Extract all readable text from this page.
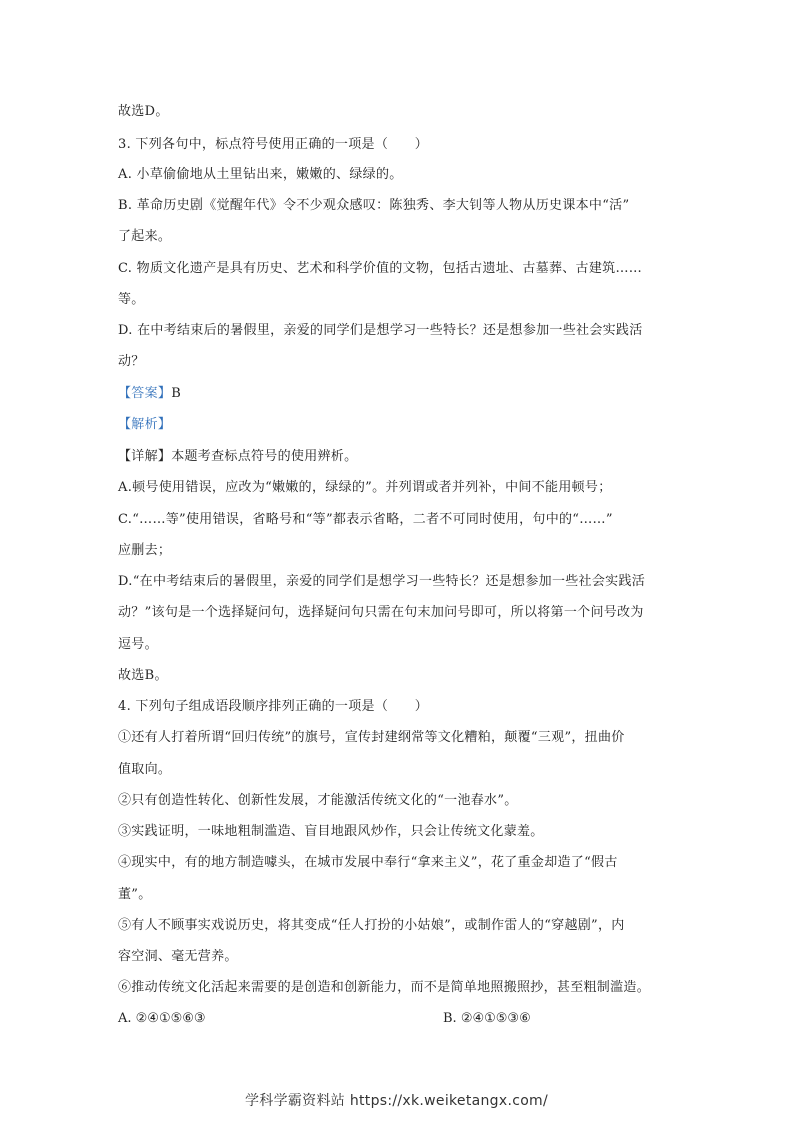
故选D。
3. 下列各句中，标点符号使用正确的一项是（　　）
A. 小草偷偷地从土里钻出来，嫩嫩的、绿绿的。
B. 革命历史剧《觉醒年代》令不少观众感叹：陈独秀、李大钊等人物从历史课本中“活”
了起来。
C. 物质文化遗产是具有历史、艺术和科学价值的文物，包括古遗址、古墓葬、古建筑……
等。
D. 在中考结束后的暑假里，亲爱的同学们是想学习一些特长？还是想参加一些社会实践活
动？
【答案】B
【解析】
【详解】本题考查标点符号的使用辨析。
A.顿号使用错误，应改为“嫩嫩的，绿绿的”。并列谓或者并列补，中间不能用顿号；
C.“……等”使用错误，省略号和“等”都表示省略，二者不可同时使用，句中的“……”
应删去；
D.“在中考结束后的暑假里，亲爱的同学们是想学习一些特长？还是想参加一些社会实践活
动？”该句是一个选择疑问句，选择疑问句只需在句末加问号即可，所以将第一个问号改为
逗号。
故选B。
4. 下列句子组成语段顺序排列正确的一项是（　　）
①还有人打着所谓“回归传统”的旗号，宣传封建纲常等文化糟粕，颠覆“三观”，扭曲价
值取向。
②只有创造性转化、创新性发展，才能激活传统文化的“一池春水”。
③实践证明，一味地粗制滥造、盲目地跟风炒作，只会让传统文化蒙羞。
④现实中，有的地方制造噱头，在城市发展中奉行“拿来主义”，花了重金却造了“假古
董”。
⑤有人不顾事实戏说历史，将其变成“任人打扮的小姑娘”，或制作雷人的“穿越剧”，内
容空洞、毫无营养。
⑥推动传统文化活起来需要的是创造和创新能力，而不是简单地照搬照抄，甚至粗制滥造。
A. ②④①⑤⑥③	B. ②④①⑤③⑥
学科学霸资料站 https://xk.weiketangx.com/
